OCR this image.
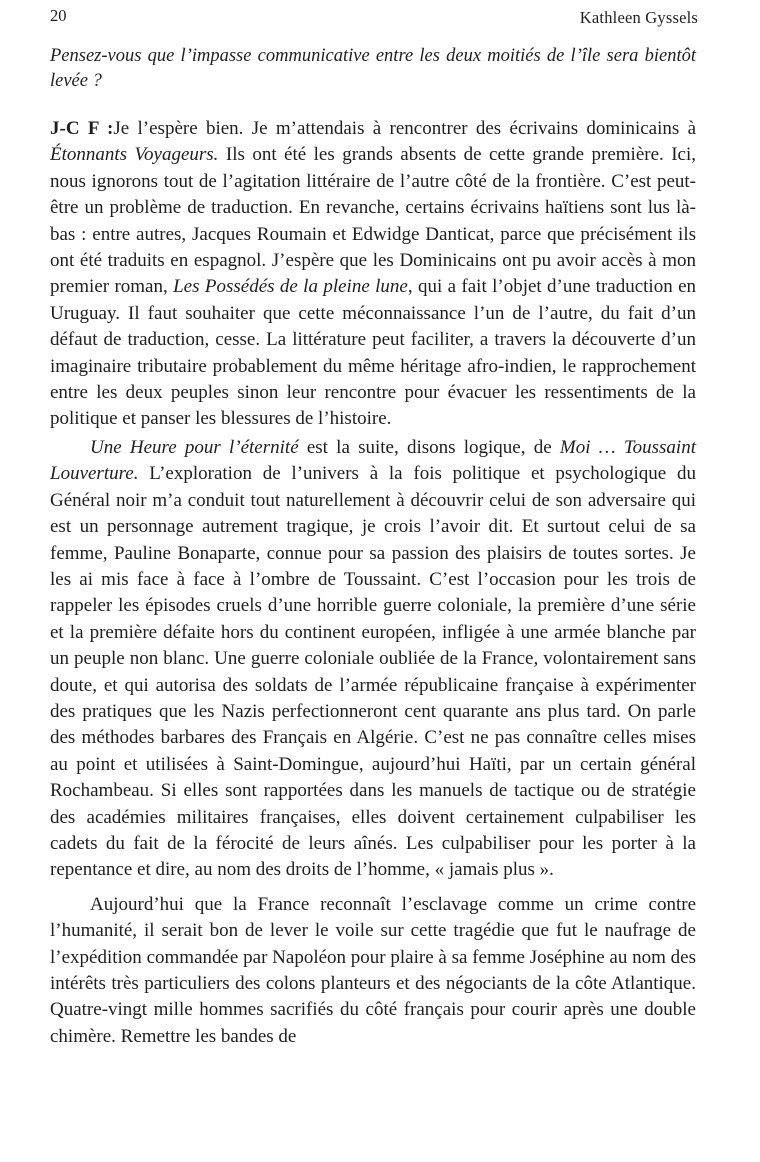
20	Kathleen Gyssels

Pensez-vous que l’impasse communicative entre les deux moitiés de l’île sera bientôt levée ?

J-C F :Je l’espère bien. Je m’attendais à rencontrer des écrivains dominicains à Étonnants Voyageurs. Ils ont été les grands absents de cette grande première. Ici, nous ignorons tout de l’agitation littéraire de l’autre côté de la frontière. C’est peut-être un problème de traduction. En revanche, certains écrivains haïtiens sont lus là-bas : entre autres, Jacques Roumain et Edwidge Danticat, parce que précisément ils ont été traduits en espagnol. J’espère que les Dominicains ont pu avoir accès à mon premier roman, Les Possédés de la pleine lune, qui a fait l’objet d’une traduction en Uruguay. Il faut souhaiter que cette méconnaissance l’un de l’autre, du fait d’un défaut de traduction, cesse. La littérature peut faciliter, a travers la découverte d’un imaginaire tributaire probablement du même héritage afro-indien, le rapprochement entre les deux peuples sinon leur rencontre pour évacuer les ressentiments de la politique et panser les blessures de l’histoire.

Une Heure pour l’éternité est la suite, disons logique, de Moi … Toussaint Louverture. L’exploration de l’univers à la fois politique et psychologique du Général noir m’a conduit tout naturellement à découvrir celui de son adversaire qui est un personnage autrement tragique, je crois l’avoir dit. Et surtout celui de sa femme, Pauline Bonaparte, connue pour sa passion des plaisirs de toutes sortes. Je les ai mis face à face à l’ombre de Toussaint. C’est l’occasion pour les trois de rappeler les épisodes cruels d’une horrible guerre coloniale, la première d’une série et la première défaite hors du continent européen, infligée à une armée blanche par un peuple non blanc. Une guerre coloniale oubliée de la France, volontairement sans doute, et qui autorisa des soldats de l’armée républicaine française à expérimenter des pratiques que les Nazis perfectionneront cent quarante ans plus tard. On parle des méthodes barbares des Français en Algérie. C’est ne pas connaître celles mises au point et utilisées à Saint-Domingue, aujourd’hui Haïti, par un certain général Rochambeau. Si elles sont rapportées dans les manuels de tactique ou de stratégie des académies militaires françaises, elles doivent certainement culpabiliser les cadets du fait de la férocité de leurs aînés. Les culpabiliser pour les porter à la repentance et dire, au nom des droits de l’homme, « jamais plus ».

Aujourd’hui que la France reconnaît l’esclavage comme un crime contre l’humanité, il serait bon de lever le voile sur cette tragédie que fut le naufrage de l’expédition commandée par Napoléon pour plaire à sa femme Joséphine au nom des intérêts très particuliers des colons planteurs et des négociants de la côte Atlantique. Quatre-vingt mille hommes sacrifiés du côté français pour courir après une double chimère. Remettre les bandes de
